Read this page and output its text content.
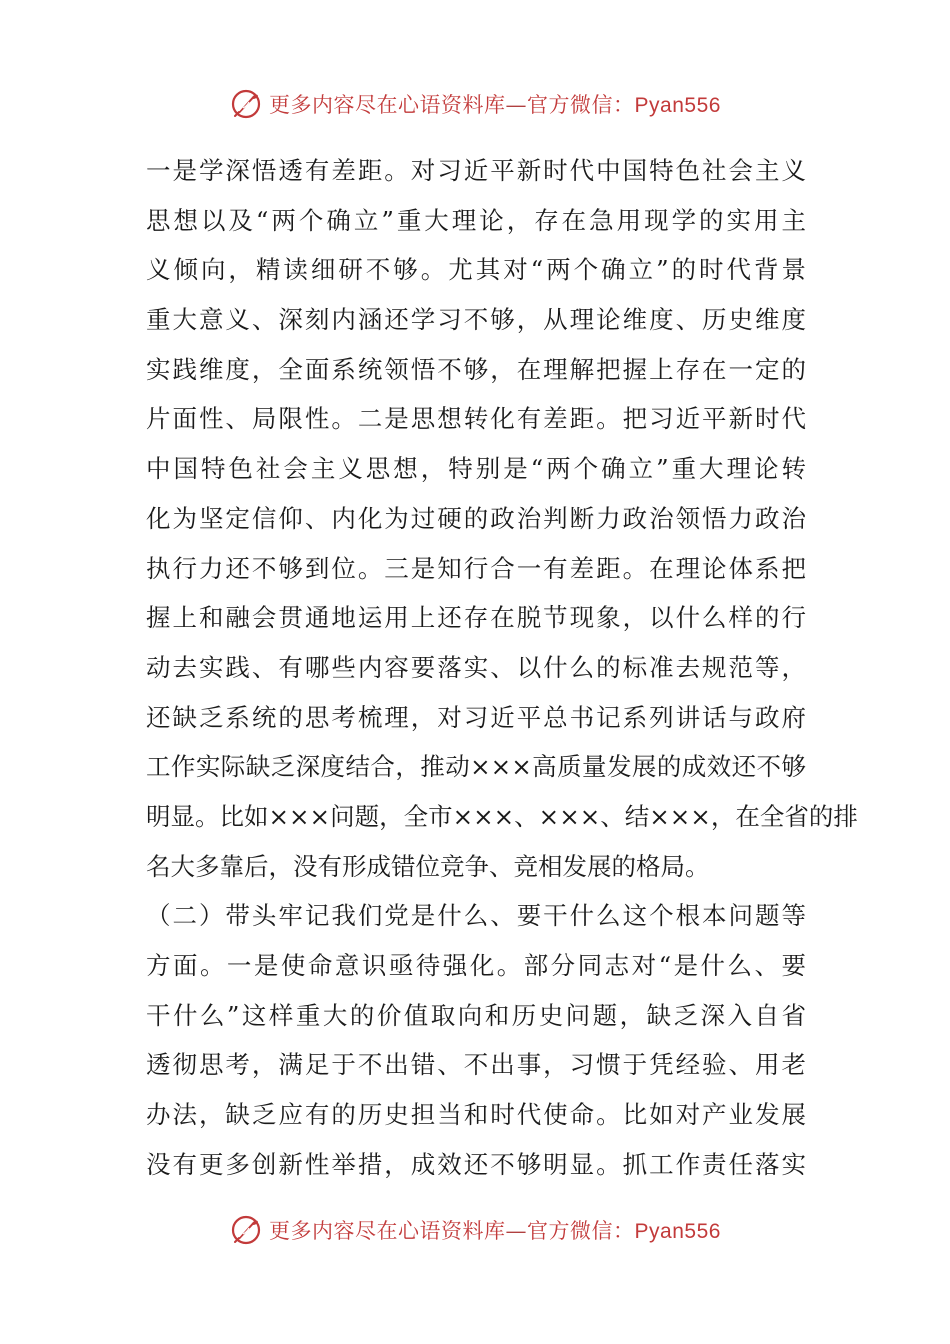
更多内容尽在心语资料库—官方微信：Pyan556
一是学深悟透有差距。对习近平新时代中国特色社会主义
思想以及“两个确立”重大理论，存在急用现学的实用主
义倾向，精读细研不够。尤其对“两个确立”的时代背景
重大意义、深刻内涵还学习不够，从理论维度、历史维度
实践维度，全面系统领悟不够，在理解把握上存在一定的
片面性、局限性。二是思想转化有差距。把习近平新时代
中国特色社会主义思想，特别是“两个确立”重大理论转
化为坚定信仰、内化为过硬的政治判断力政治领悟力政治
执行力还不够到位。三是知行合一有差距。在理论体系把
握上和融会贯通地运用上还存在脱节现象，以什么样的行
动去实践、有哪些内容要落实、以什么的标准去规范等，
还缺乏系统的思考梳理，对习近平总书记系列讲话与政府
工作实际缺乏深度结合，推动×××高质量发展的成效还不够
明显。比如×××问题，全市×××、×××、结×××，在全省的排
名大多靠后，没有形成错位竞争、竞相发展的格局。
（二）带头牢记我们党是什么、要干什么这个根本问题等
方面。一是使命意识亟待强化。部分同志对“是什么、要
干什么”这样重大的价值取向和历史问题，缺乏深入自省
透彻思考，满足于不出错、不出事，习惯于凭经验、用老
办法，缺乏应有的历史担当和时代使命。比如对产业发展
没有更多创新性举措，成效还不够明显。抓工作责任落实
更多内容尽在心语资料库—官方微信：Pyan556
